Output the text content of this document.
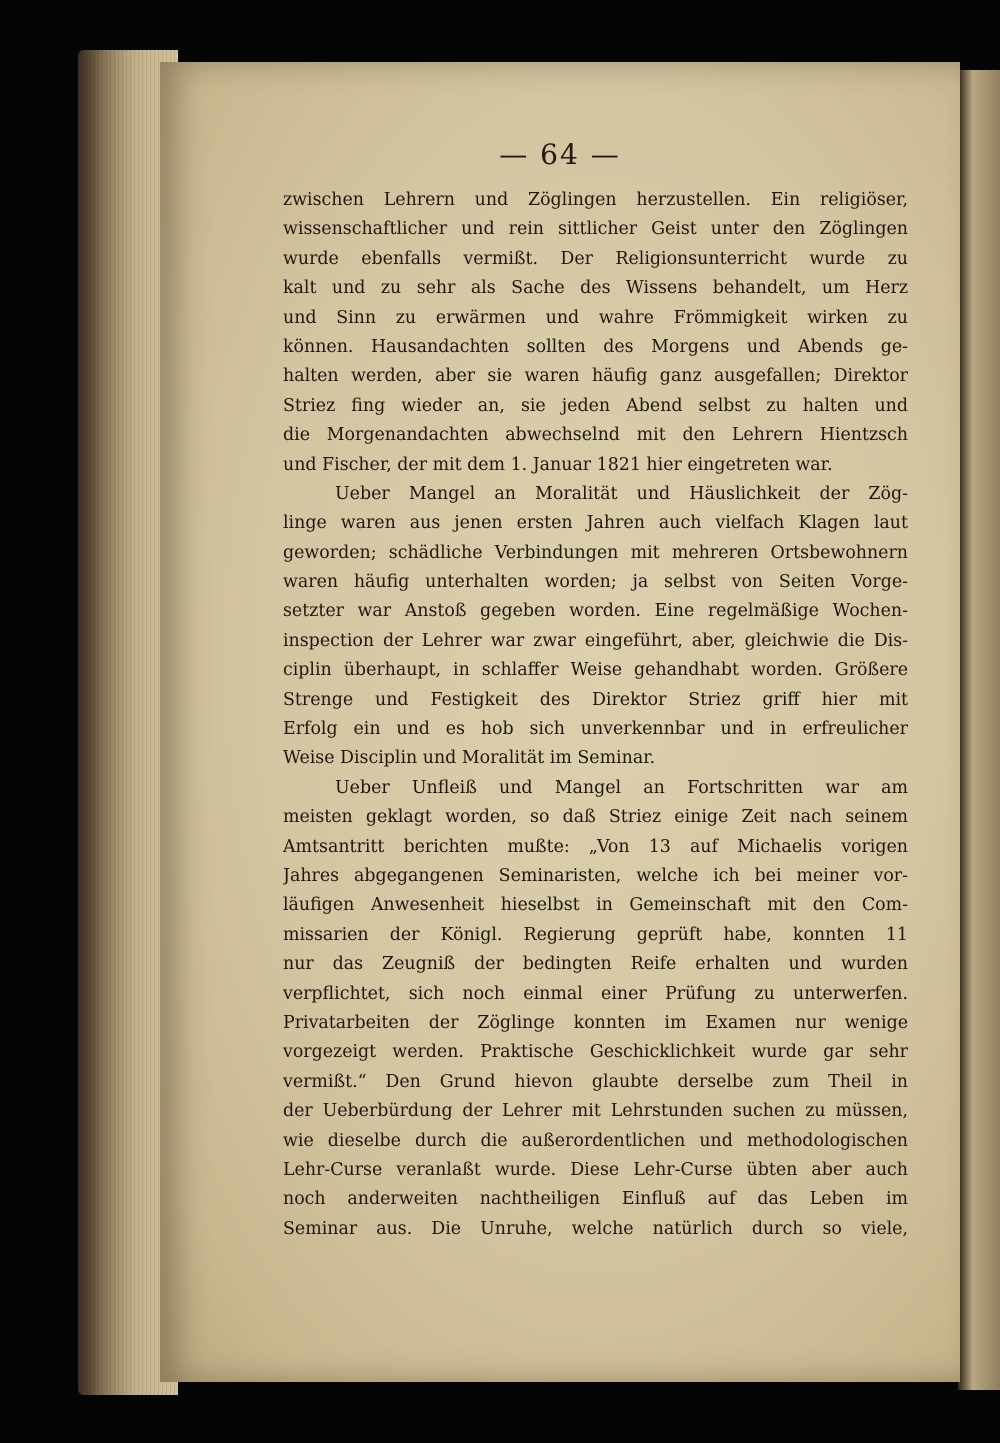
— 64 —
zwischen Lehrern und Zöglingen herzustellen. Ein religiöser,
wissenschaftlicher und rein sittlicher Geist unter den Zöglingen
wurde ebenfalls vermißt. Der Religionsunterricht wurde zu
kalt und zu sehr als Sache des Wissens behandelt, um Herz
und Sinn zu erwärmen und wahre Frömmigkeit wirken zu
können. Hausandachten sollten des Morgens und Abends ge-
halten werden, aber sie waren häufig ganz ausgefallen; Direktor
Striez fing wieder an, sie jeden Abend selbst zu halten und
die Morgenandachten abwechselnd mit den Lehrern Hientzsch
und Fischer, der mit dem 1. Januar 1821 hier eingetreten war.
Ueber Mangel an Moralität und Häuslichkeit der Zög-
linge waren aus jenen ersten Jahren auch vielfach Klagen laut
geworden; schädliche Verbindungen mit mehreren Ortsbewohnern
waren häufig unterhalten worden; ja selbst von Seiten Vorge-
setzter war Anstoß gegeben worden. Eine regelmäßige Wochen-
inspection der Lehrer war zwar eingeführt, aber, gleichwie die Dis-
ciplin überhaupt, in schlaffer Weise gehandhabt worden. Größere
Strenge und Festigkeit des Direktor Striez griff hier mit
Erfolg ein und es hob sich unverkennbar und in erfreulicher
Weise Disciplin und Moralität im Seminar.
Ueber Unfleiß und Mangel an Fortschritten war am
meisten geklagt worden, so daß Striez einige Zeit nach seinem
Amtsantritt berichten mußte: „Von 13 auf Michaelis vorigen
Jahres abgegangenen Seminaristen, welche ich bei meiner vor-
läufigen Anwesenheit hieselbst in Gemeinschaft mit den Com-
missarien der Königl. Regierung geprüft habe, konnten 11
nur das Zeugniß der bedingten Reife erhalten und wurden
verpflichtet, sich noch einmal einer Prüfung zu unterwerfen.
Privatarbeiten der Zöglinge konnten im Examen nur wenige
vorgezeigt werden. Praktische Geschicklichkeit wurde gar sehr
vermißt.“ Den Grund hievon glaubte derselbe zum Theil in
der Ueberbürdung der Lehrer mit Lehrstunden suchen zu müssen,
wie dieselbe durch die außerordentlichen und methodologischen
Lehr-Curse veranlaßt wurde. Diese Lehr-Curse übten aber auch
noch anderweiten nachtheiligen Einfluß auf das Leben im
Seminar aus. Die Unruhe, welche natürlich durch so viele,
